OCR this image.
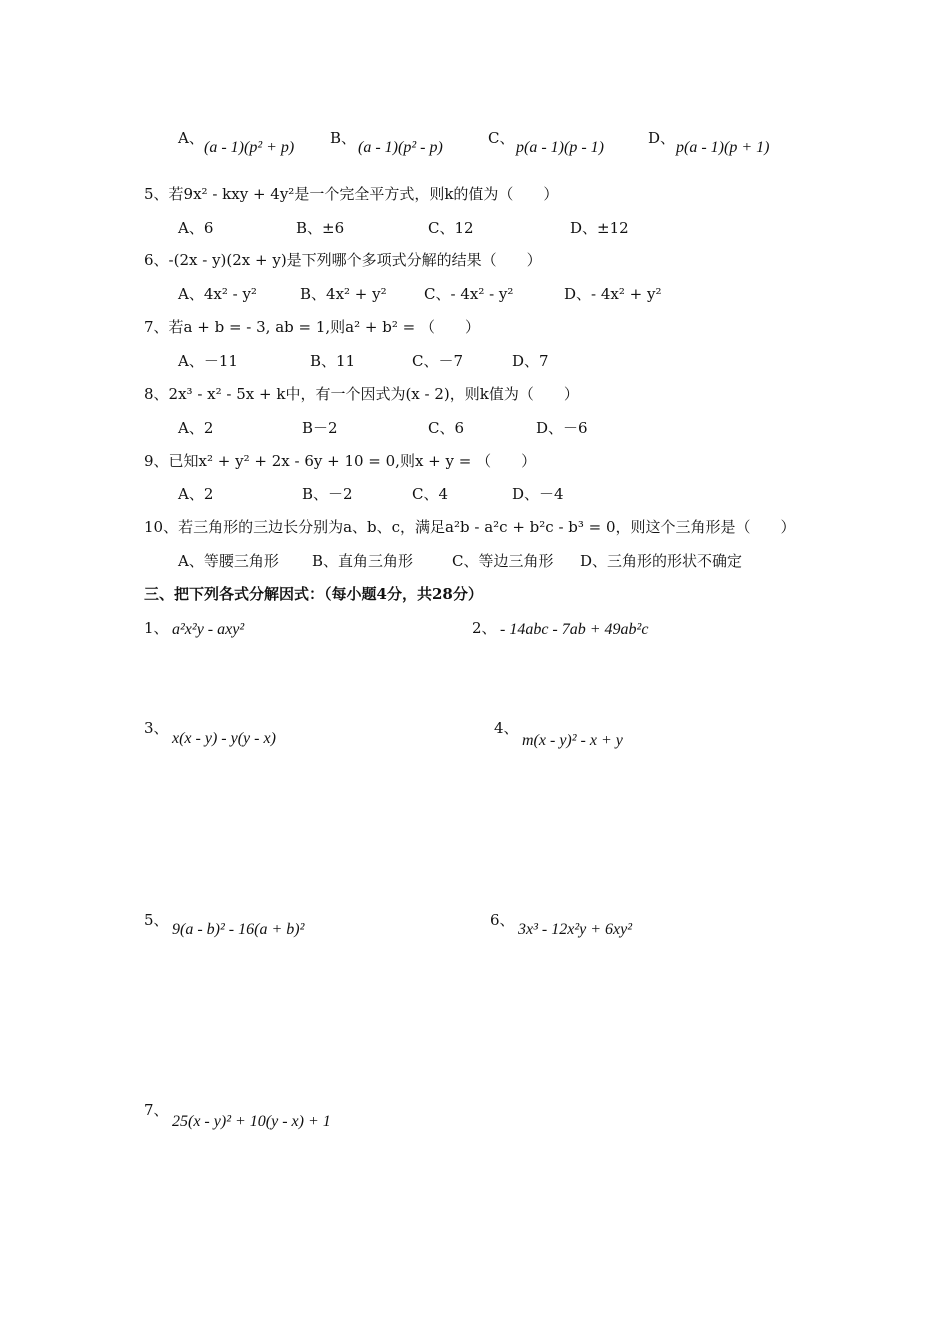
A、
(a - 1)(p² + p)
B、
(a - 1)(p² - p)
C、
p(a - 1)(p - 1)
D、
p(a - 1)(p + 1)
5、若9x² - kxy + 4y²是一个完全平方式，则k的值为（　　）
A、6	B、±6	C、12	D、±12
6、-(2x - y)(2x + y)是下列哪个多项式分解的结果（　　）
A、4x² - y²	B、4x² + y² C、- 4x² - y²	D、- 4x² + y²
7、若a + b = - 3, ab = 1,则a² + b² = （　　）
A、－11	B、11	C、－7	D、7
8、2x³ - x² - 5x + k中，有一个因式为(x - 2)，则k值为（　　）
A、2	B－2	C、6	D、－6
9、已知x² + y² + 2x - 6y + 10 = 0,则x + y = （　　）
A、2	B、－2	C、4	D、－4
10、若三角形的三边长分别为a、b、c，满足a²b - a²c + b²c - b³ = 0，则这个三角形是（　　）
A、等腰三角形 B、直角三角形	C、等边三角形 D、三角形的形状不确定
三、把下列各式分解因式：（每小题4分，共28分）
1、 a²x²y - axy²	2、 - 14abc - 7ab + 49ab²c
3、
x(x - y) - y(y - x)
4、
m(x - y)² - x + y
5、
9(a - b)² - 16(a + b)²
6、
3x³ - 12x²y + 6xy²
7、
25(x - y)² + 10(y - x) + 1
